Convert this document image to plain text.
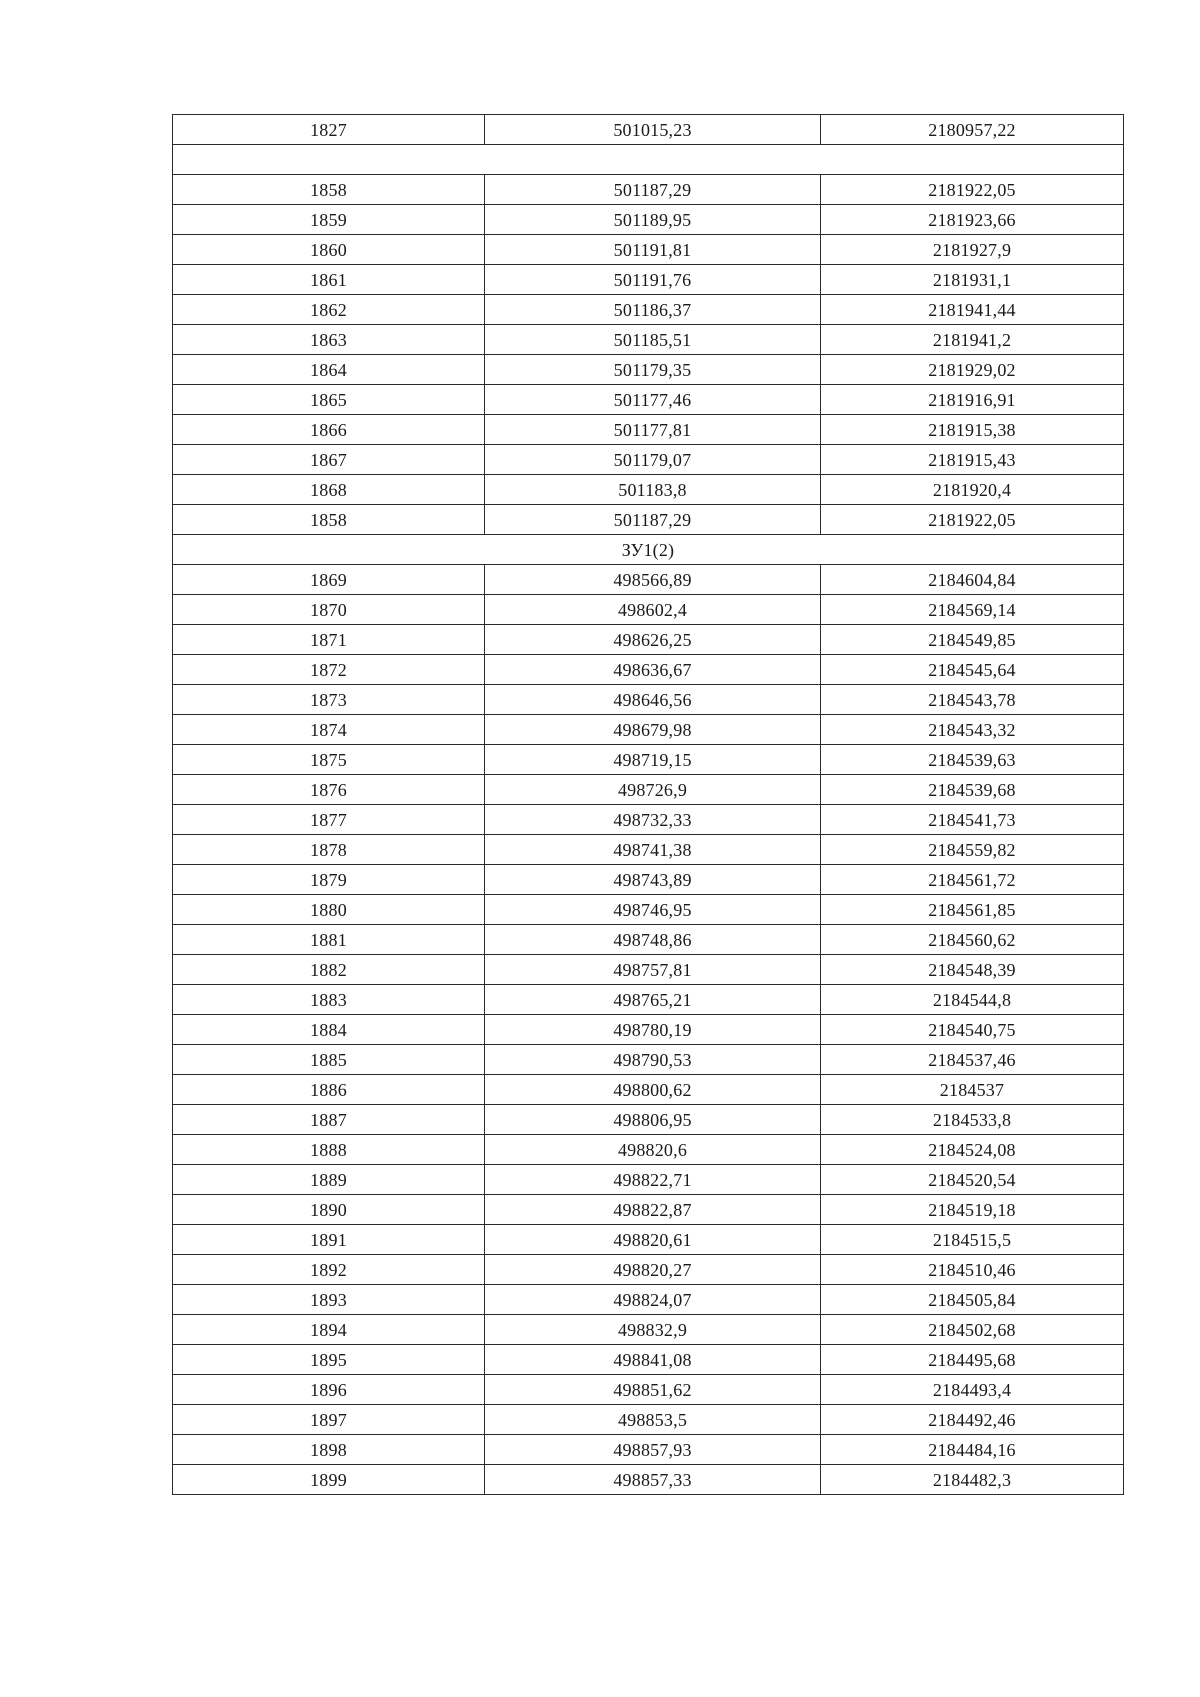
1827	501015,23	2180957,22

1858	501187,29	2181922,05
1859	501189,95	2181923,66
1860	501191,81	2181927,9
1861	501191,76	2181931,1
1862	501186,37	2181941,44
1863	501185,51	2181941,2
1864	501179,35	2181929,02
1865	501177,46	2181916,91
1866	501177,81	2181915,38
1867	501179,07	2181915,43
1868	501183,8	2181920,4
1858	501187,29	2181922,05
ЗУ1(2)		
1869	498566,89	2184604,84
1870	498602,4	2184569,14
1871	498626,25	2184549,85
1872	498636,67	2184545,64
1873	498646,56	2184543,78
1874	498679,98	2184543,32
1875	498719,15	2184539,63
1876	498726,9	2184539,68
1877	498732,33	2184541,73
1878	498741,38	2184559,82
1879	498743,89	2184561,72
1880	498746,95	2184561,85
1881	498748,86	2184560,62
1882	498757,81	2184548,39
1883	498765,21	2184544,8
1884	498780,19	2184540,75
1885	498790,53	2184537,46
1886	498800,62	2184537
1887	498806,95	2184533,8
1888	498820,6	2184524,08
1889	498822,71	2184520,54
1890	498822,87	2184519,18
1891	498820,61	2184515,5
1892	498820,27	2184510,46
1893	498824,07	2184505,84
1894	498832,9	2184502,68
1895	498841,08	2184495,68
1896	498851,62	2184493,4
1897	498853,5	2184492,46
1898	498857,93	2184484,16
1899	498857,33	2184482,3
